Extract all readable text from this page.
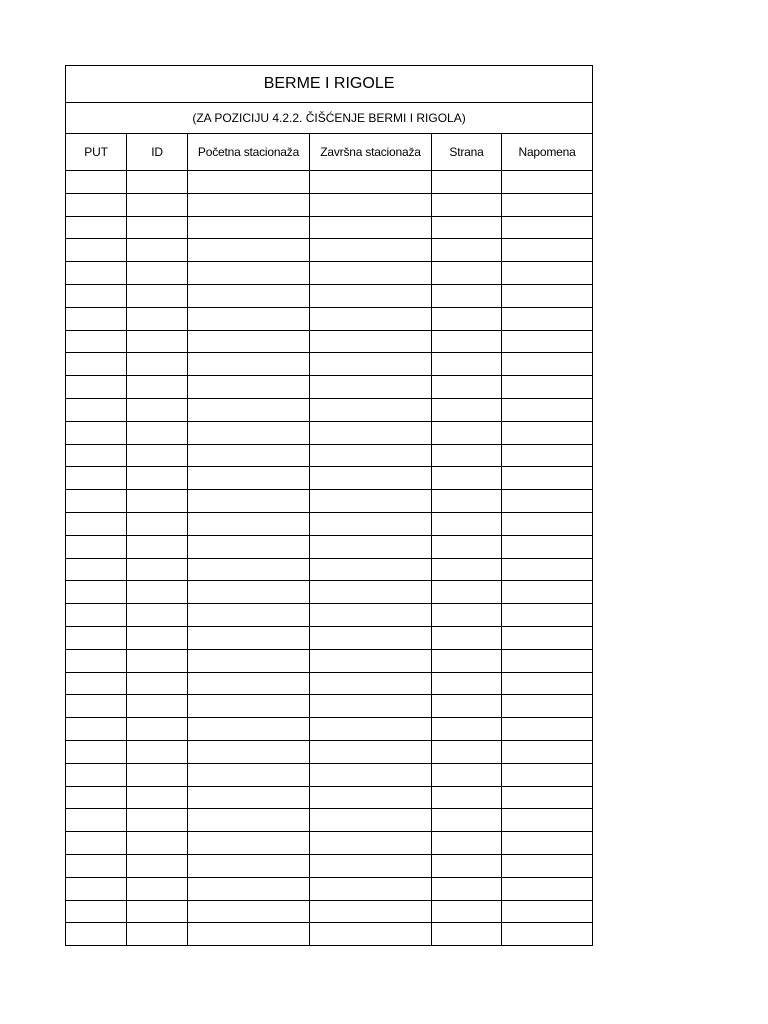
BERME I RIGOLE					
(ZA POZICIJU 4.2.2. ČIŠĆENJE BERMI I RIGOLA)					
PUT	ID	Početna stacionaža	Završna stacionaža	Strana	Napomena
